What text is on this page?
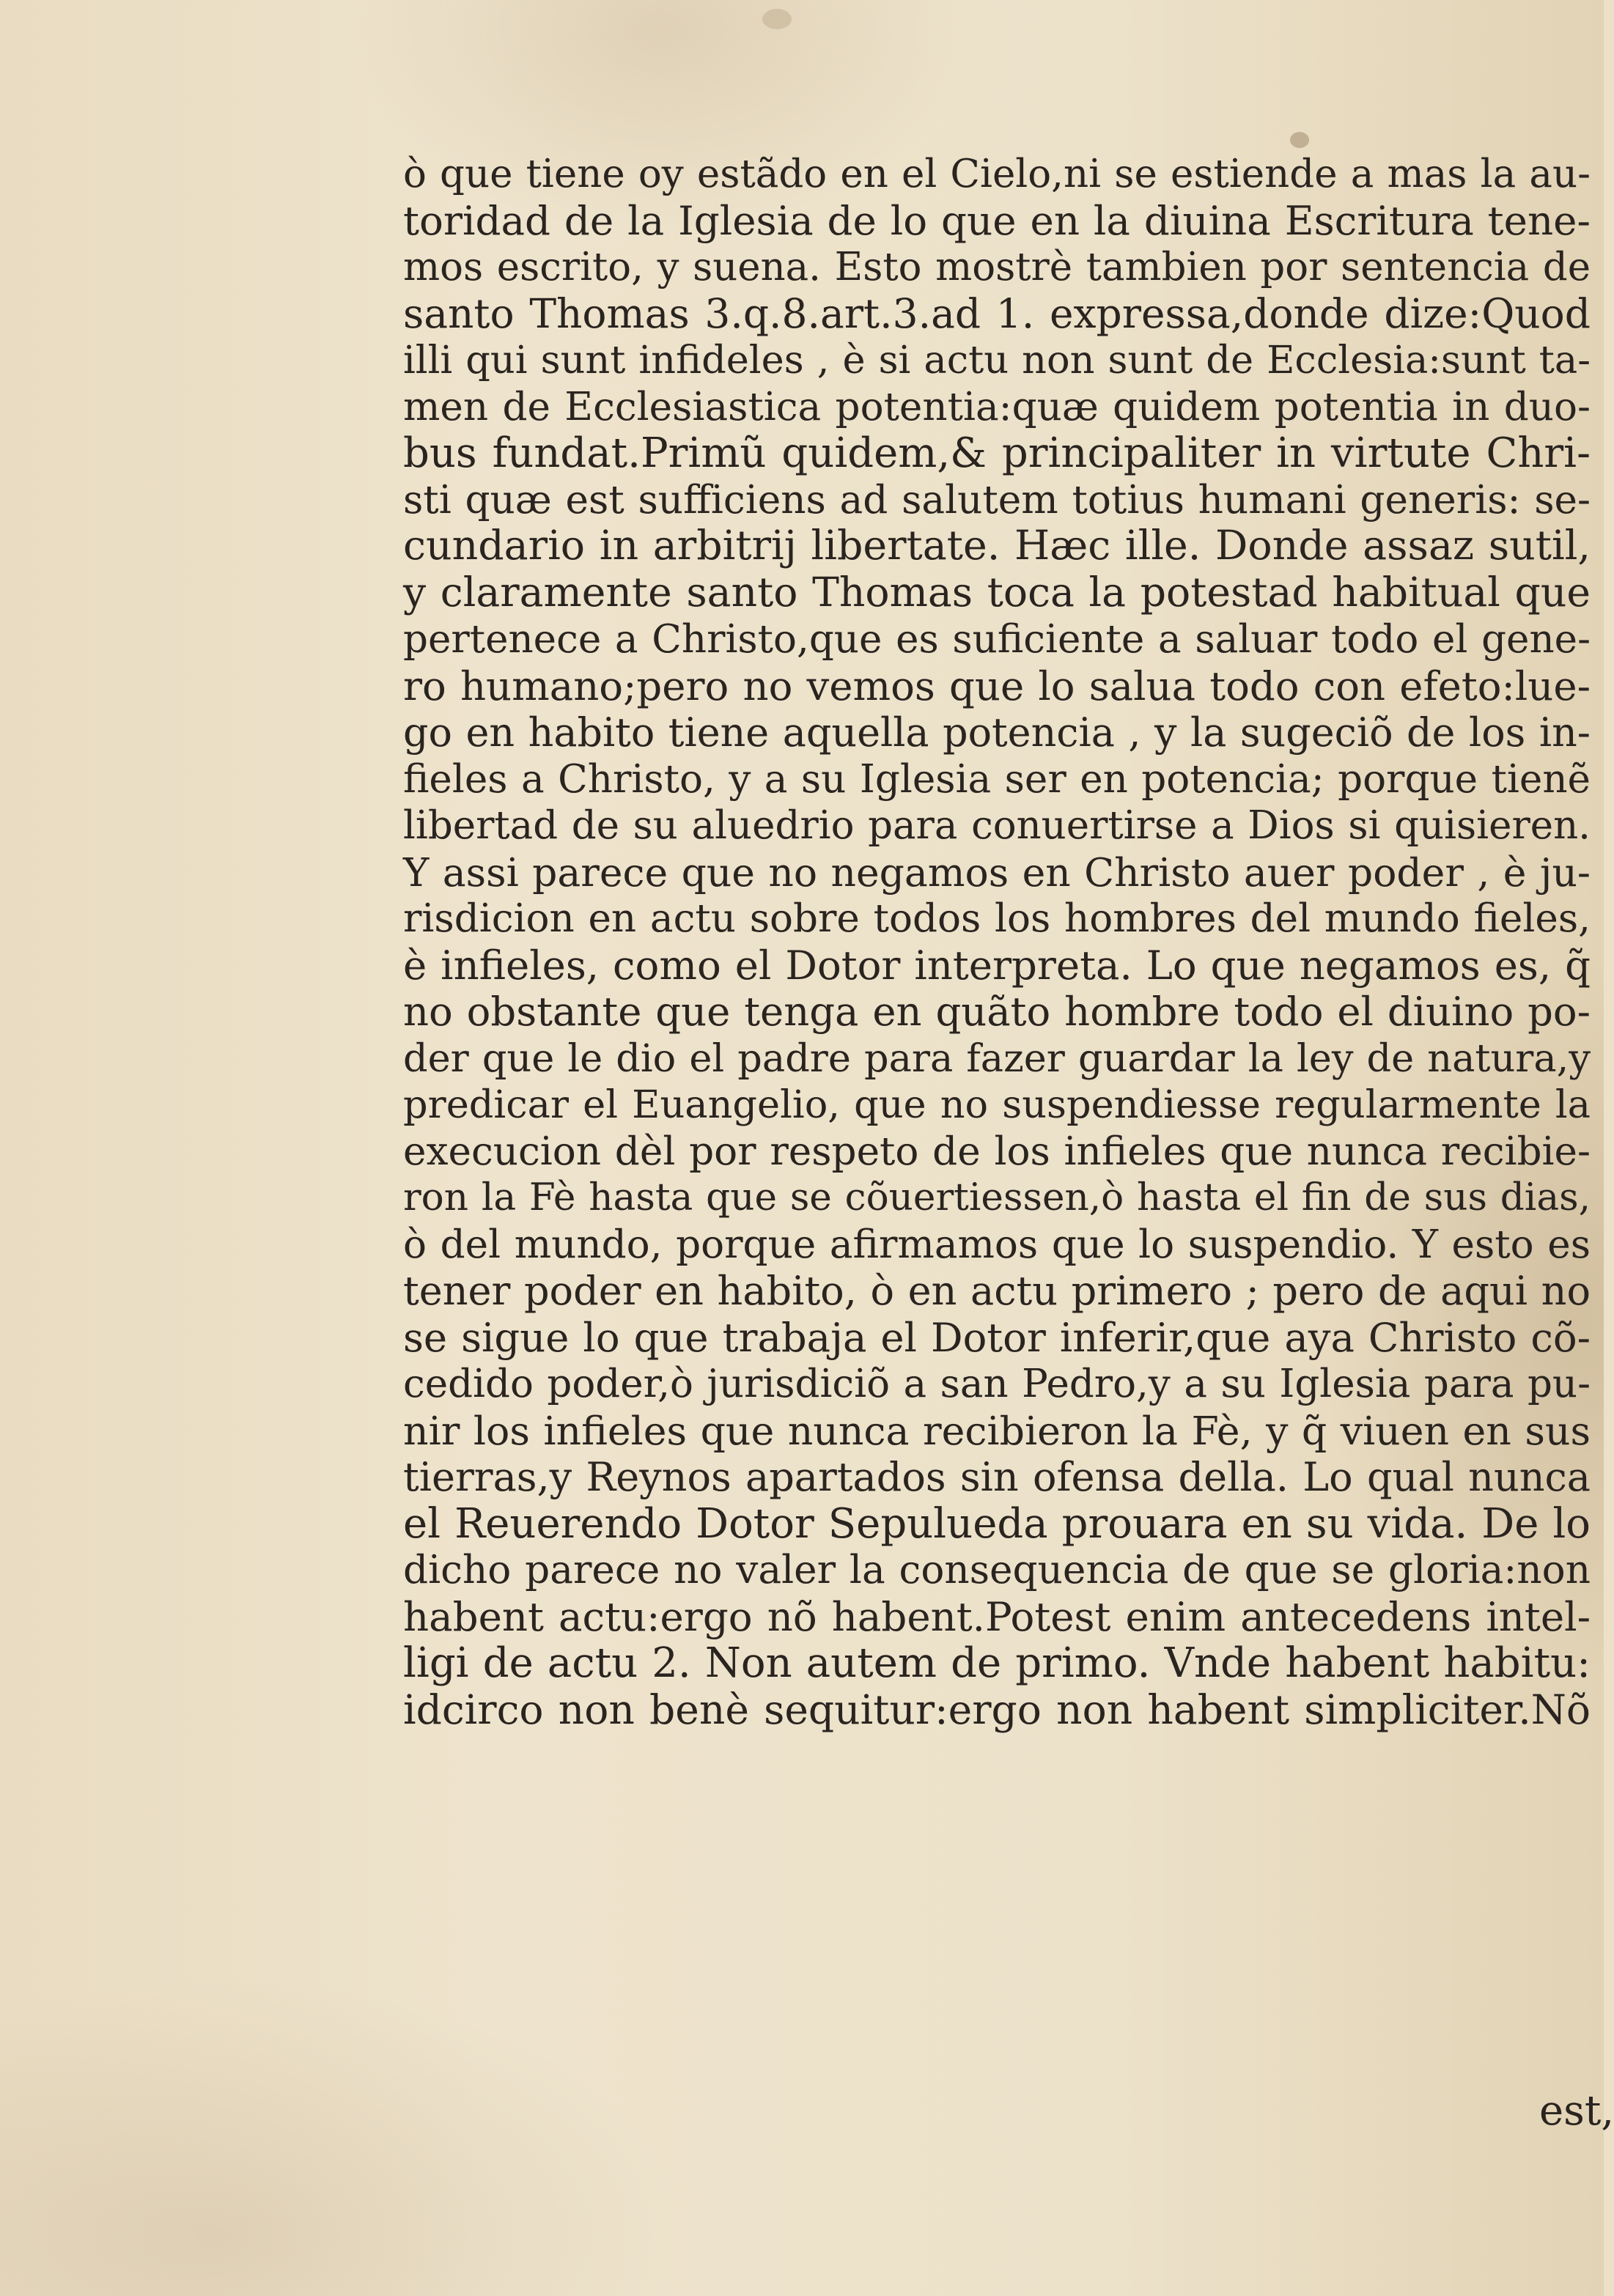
ò que tiene oy estãdo en el Cielo,ni se estiende a mas la au-
toridad de la Iglesia de lo que en la diuina Escritura tene-
mos escrito, y suena. Esto mostrè tambien por sentencia de
santo Thomas 3.q.8.art.3.ad 1. expressa,donde dize:Quod
illi qui sunt infideles , è si actu non sunt de Ecclesia:sunt ta-
men de Ecclesiastica potentia:quæ quidem potentia in duo-
bus fundat.Primũ quidem,& principaliter in virtute Chri-
sti quæ est sufficiens ad salutem totius humani generis: se-
cundario in arbitrij libertate. Hæc ille. Donde assaz sutil,
y claramente santo Thomas toca la potestad habitual que
pertenece a Christo,que es suficiente a saluar todo el gene-
ro humano;pero no vemos que lo salua todo con efeto:lue-
go en habito tiene aquella potencia , y la sugeciõ de los in-
fieles a Christo, y a su Iglesia ser en potencia; porque tienẽ
libertad de su aluedrio para conuertirse a Dios si quisieren.
Y assi parece que no negamos en Christo auer poder , è ju-
risdicion en actu sobre todos los hombres del mundo fieles,
è infieles, como el Dotor interpreta. Lo que negamos es, q̃
no obstante que tenga en quãto hombre todo el diuino po-
der que le dio el padre para fazer guardar la ley de natura,y
predicar el Euangelio, que no suspendiesse regularmente la
execucion dèl por respeto de los infieles que nunca recibie-
ron la Fè hasta que se cõuertiessen,ò hasta el fin de sus dias,
ò del mundo, porque afirmamos que lo suspendio. Y esto es
tener poder en habito, ò en actu primero ; pero de aqui no
se sigue lo que trabaja el Dotor inferir,que aya Christo cõ-
cedido poder,ò jurisdiciõ a san Pedro,y a su Iglesia para pu-
nir los infieles que nunca recibieron la Fè, y q̃ viuen en sus
tierras,y Reynos apartados sin ofensa della. Lo qual nunca
el Reuerendo Dotor Sepulueda prouara en su vida. De lo
dicho parece no valer la consequencia de que se gloria:non
habent actu:ergo nõ habent.Potest enim antecedens intel-
ligi de actu 2. Non autem de primo. Vnde habent habitu:
idcirco non benè sequitur:ergo non habent simpliciter.Nõ
est,
